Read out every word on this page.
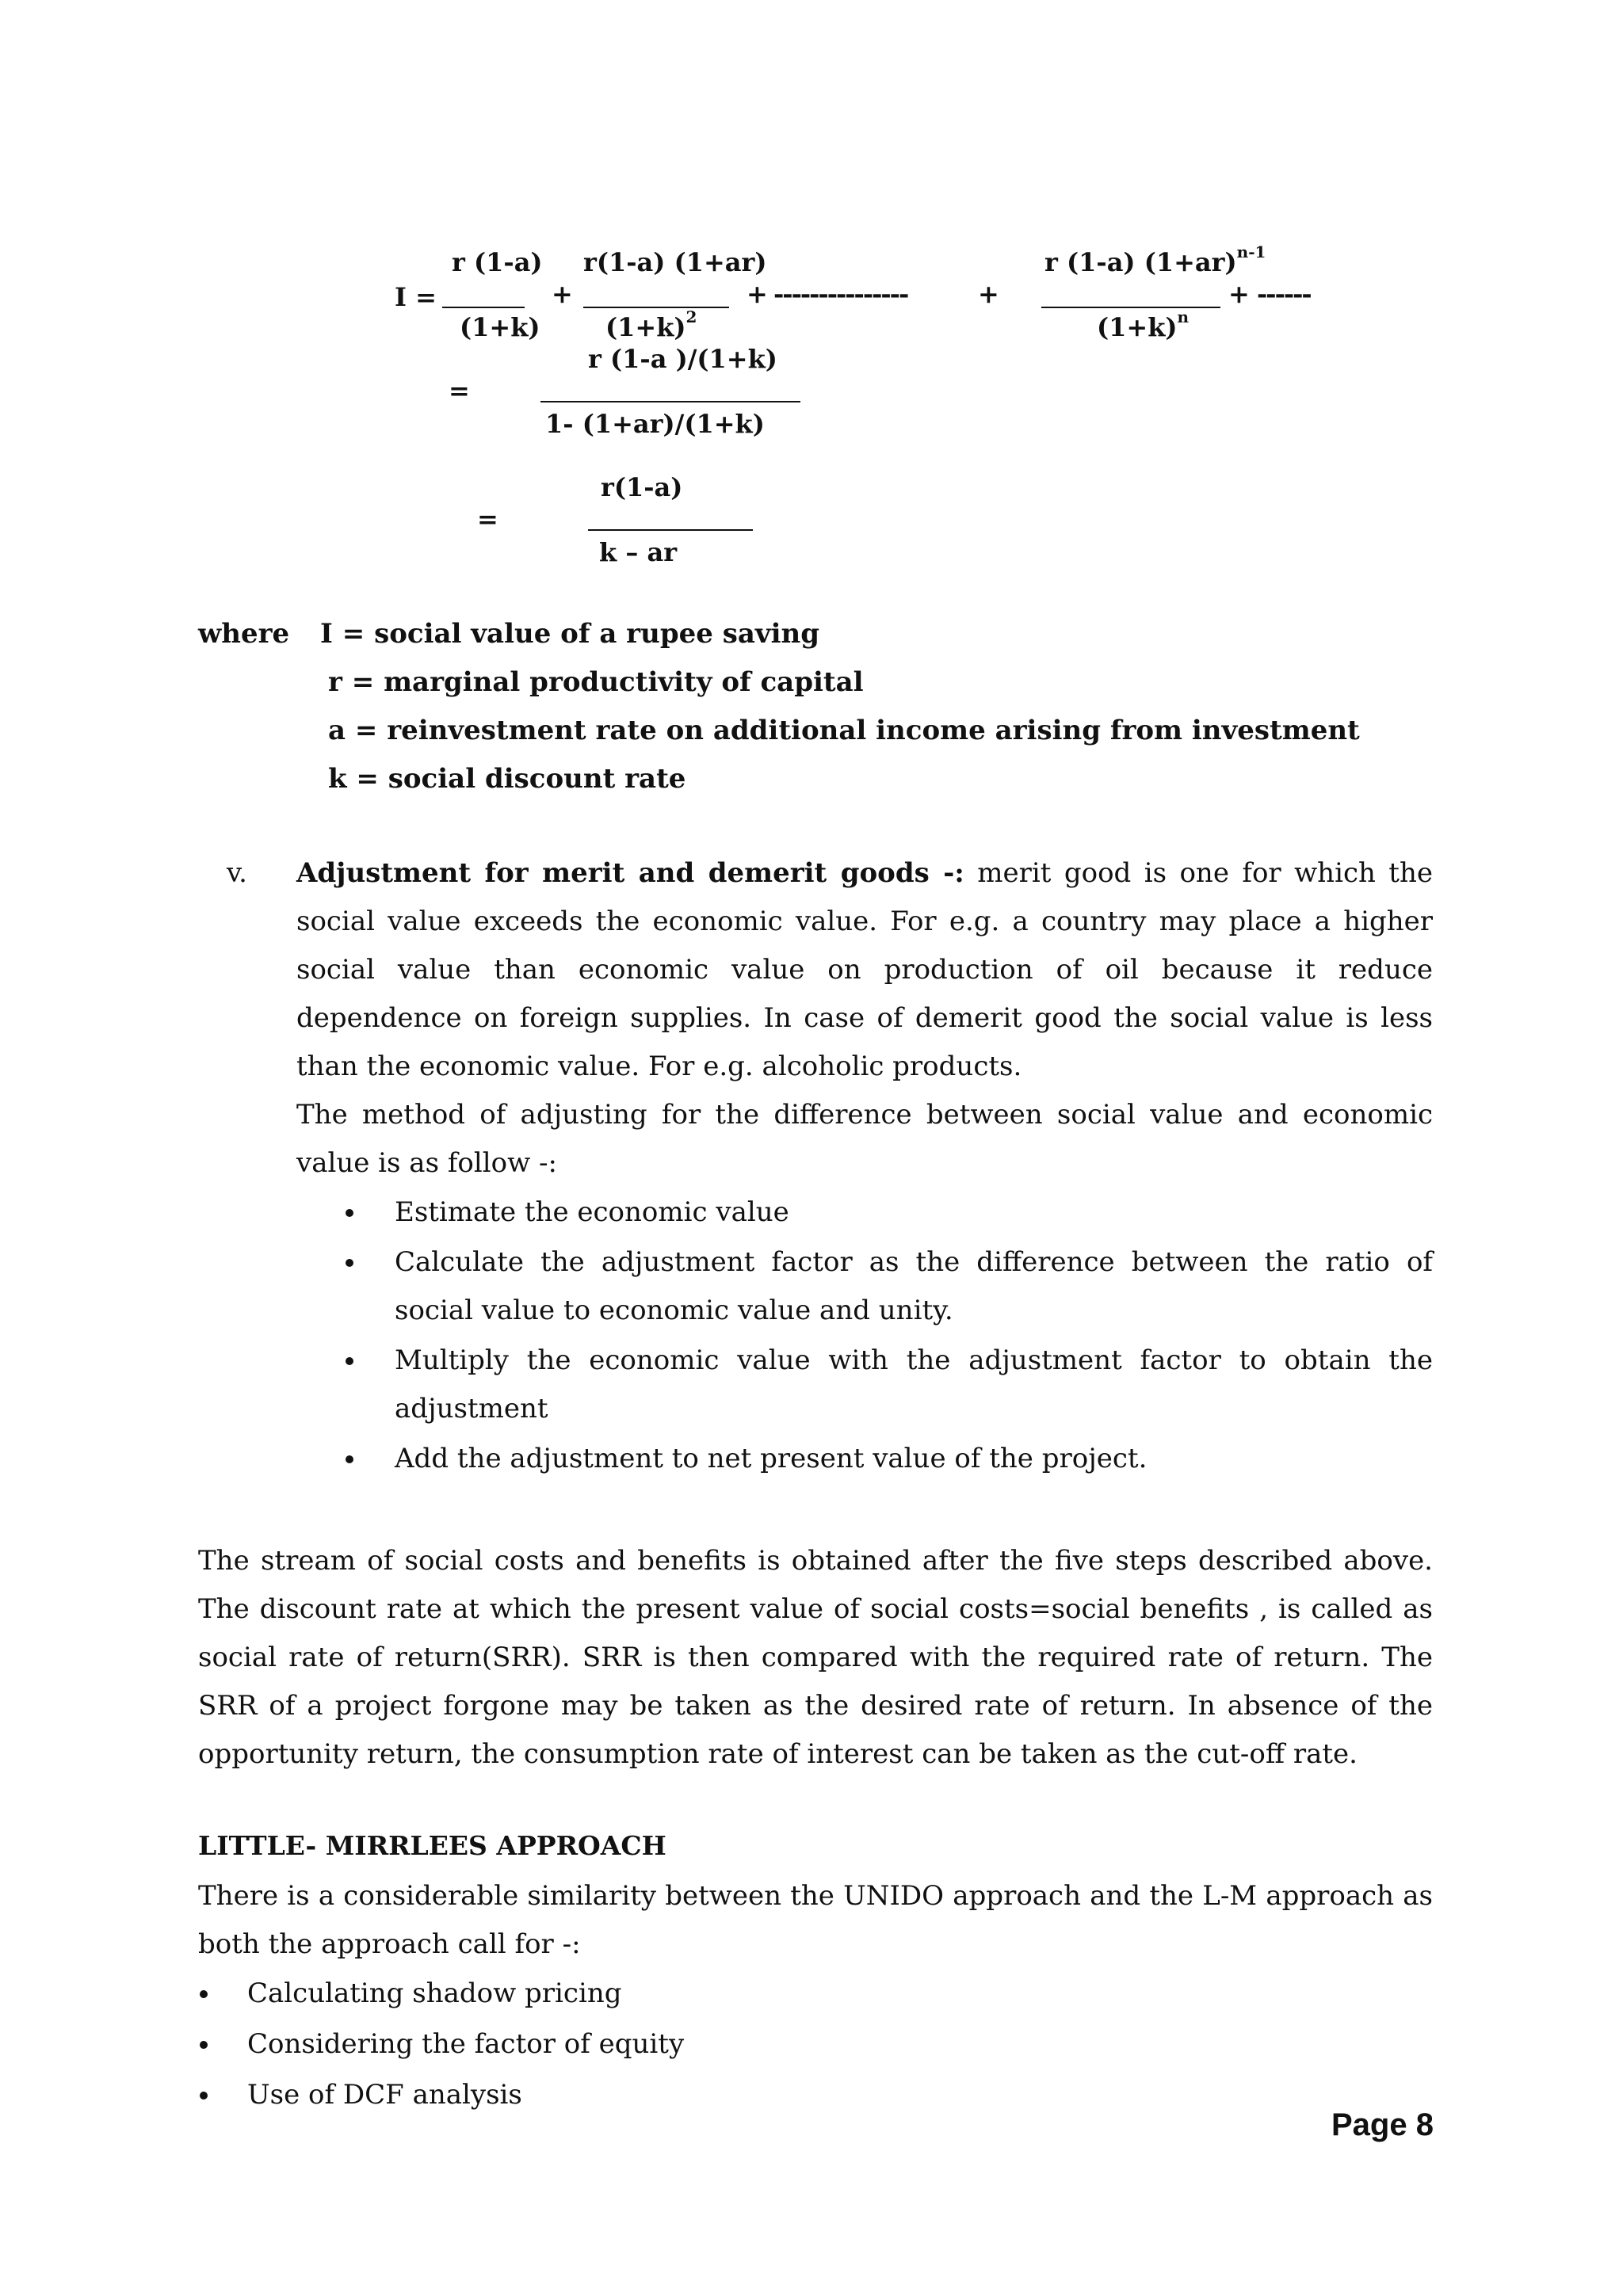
r (1-a) r(1-a) (1+ar)	r (1-a) $(1+ar)^{n-1}$
I =	+	+ ---------------	+	+ ------
(1+k)	$(1+k)^2$	$(1+k)^n$
r (1-a )/(1+k)
=
1- (1+ar)/(1+k)
r(1-a)
=
k – ar
where I = social value of a rupee saving
r = marginal productivity of capital
a = reinvestment rate on additional income arising from investment
k = social discount rate
v. Adjustment for merit and demerit goods -: merit good is one for which the social value exceeds the economic value. For e.g. a country may place a higher social value than economic value on production of oil because it reduce dependence on foreign supplies. In case of demerit good the social value is less than the economic value. For e.g. alcoholic products.
The method of adjusting for the difference between social value and economic value is as follow -:
Estimate the economic value
Calculate the adjustment factor as the difference between the ratio of social value to economic value and unity.
Multiply the economic value with the adjustment factor to obtain the adjustment
Add the adjustment to net present value of the project.
The stream of social costs and benefits is obtained after the five steps described above. The discount rate at which the present value of social costs=social benefits , is called as social rate of return(SRR). SRR is then compared with the required rate of return. The SRR of a project forgone may be taken as the desired rate of return. In absence of the opportunity return, the consumption rate of interest can be taken as the cut-off rate.
LITTLE- MIRRLEES APPROACH
There is a considerable similarity between the UNIDO approach and the L-M approach as both the approach call for -:
Calculating shadow pricing
Considering the factor of equity
Use of DCF analysis
Page 8
